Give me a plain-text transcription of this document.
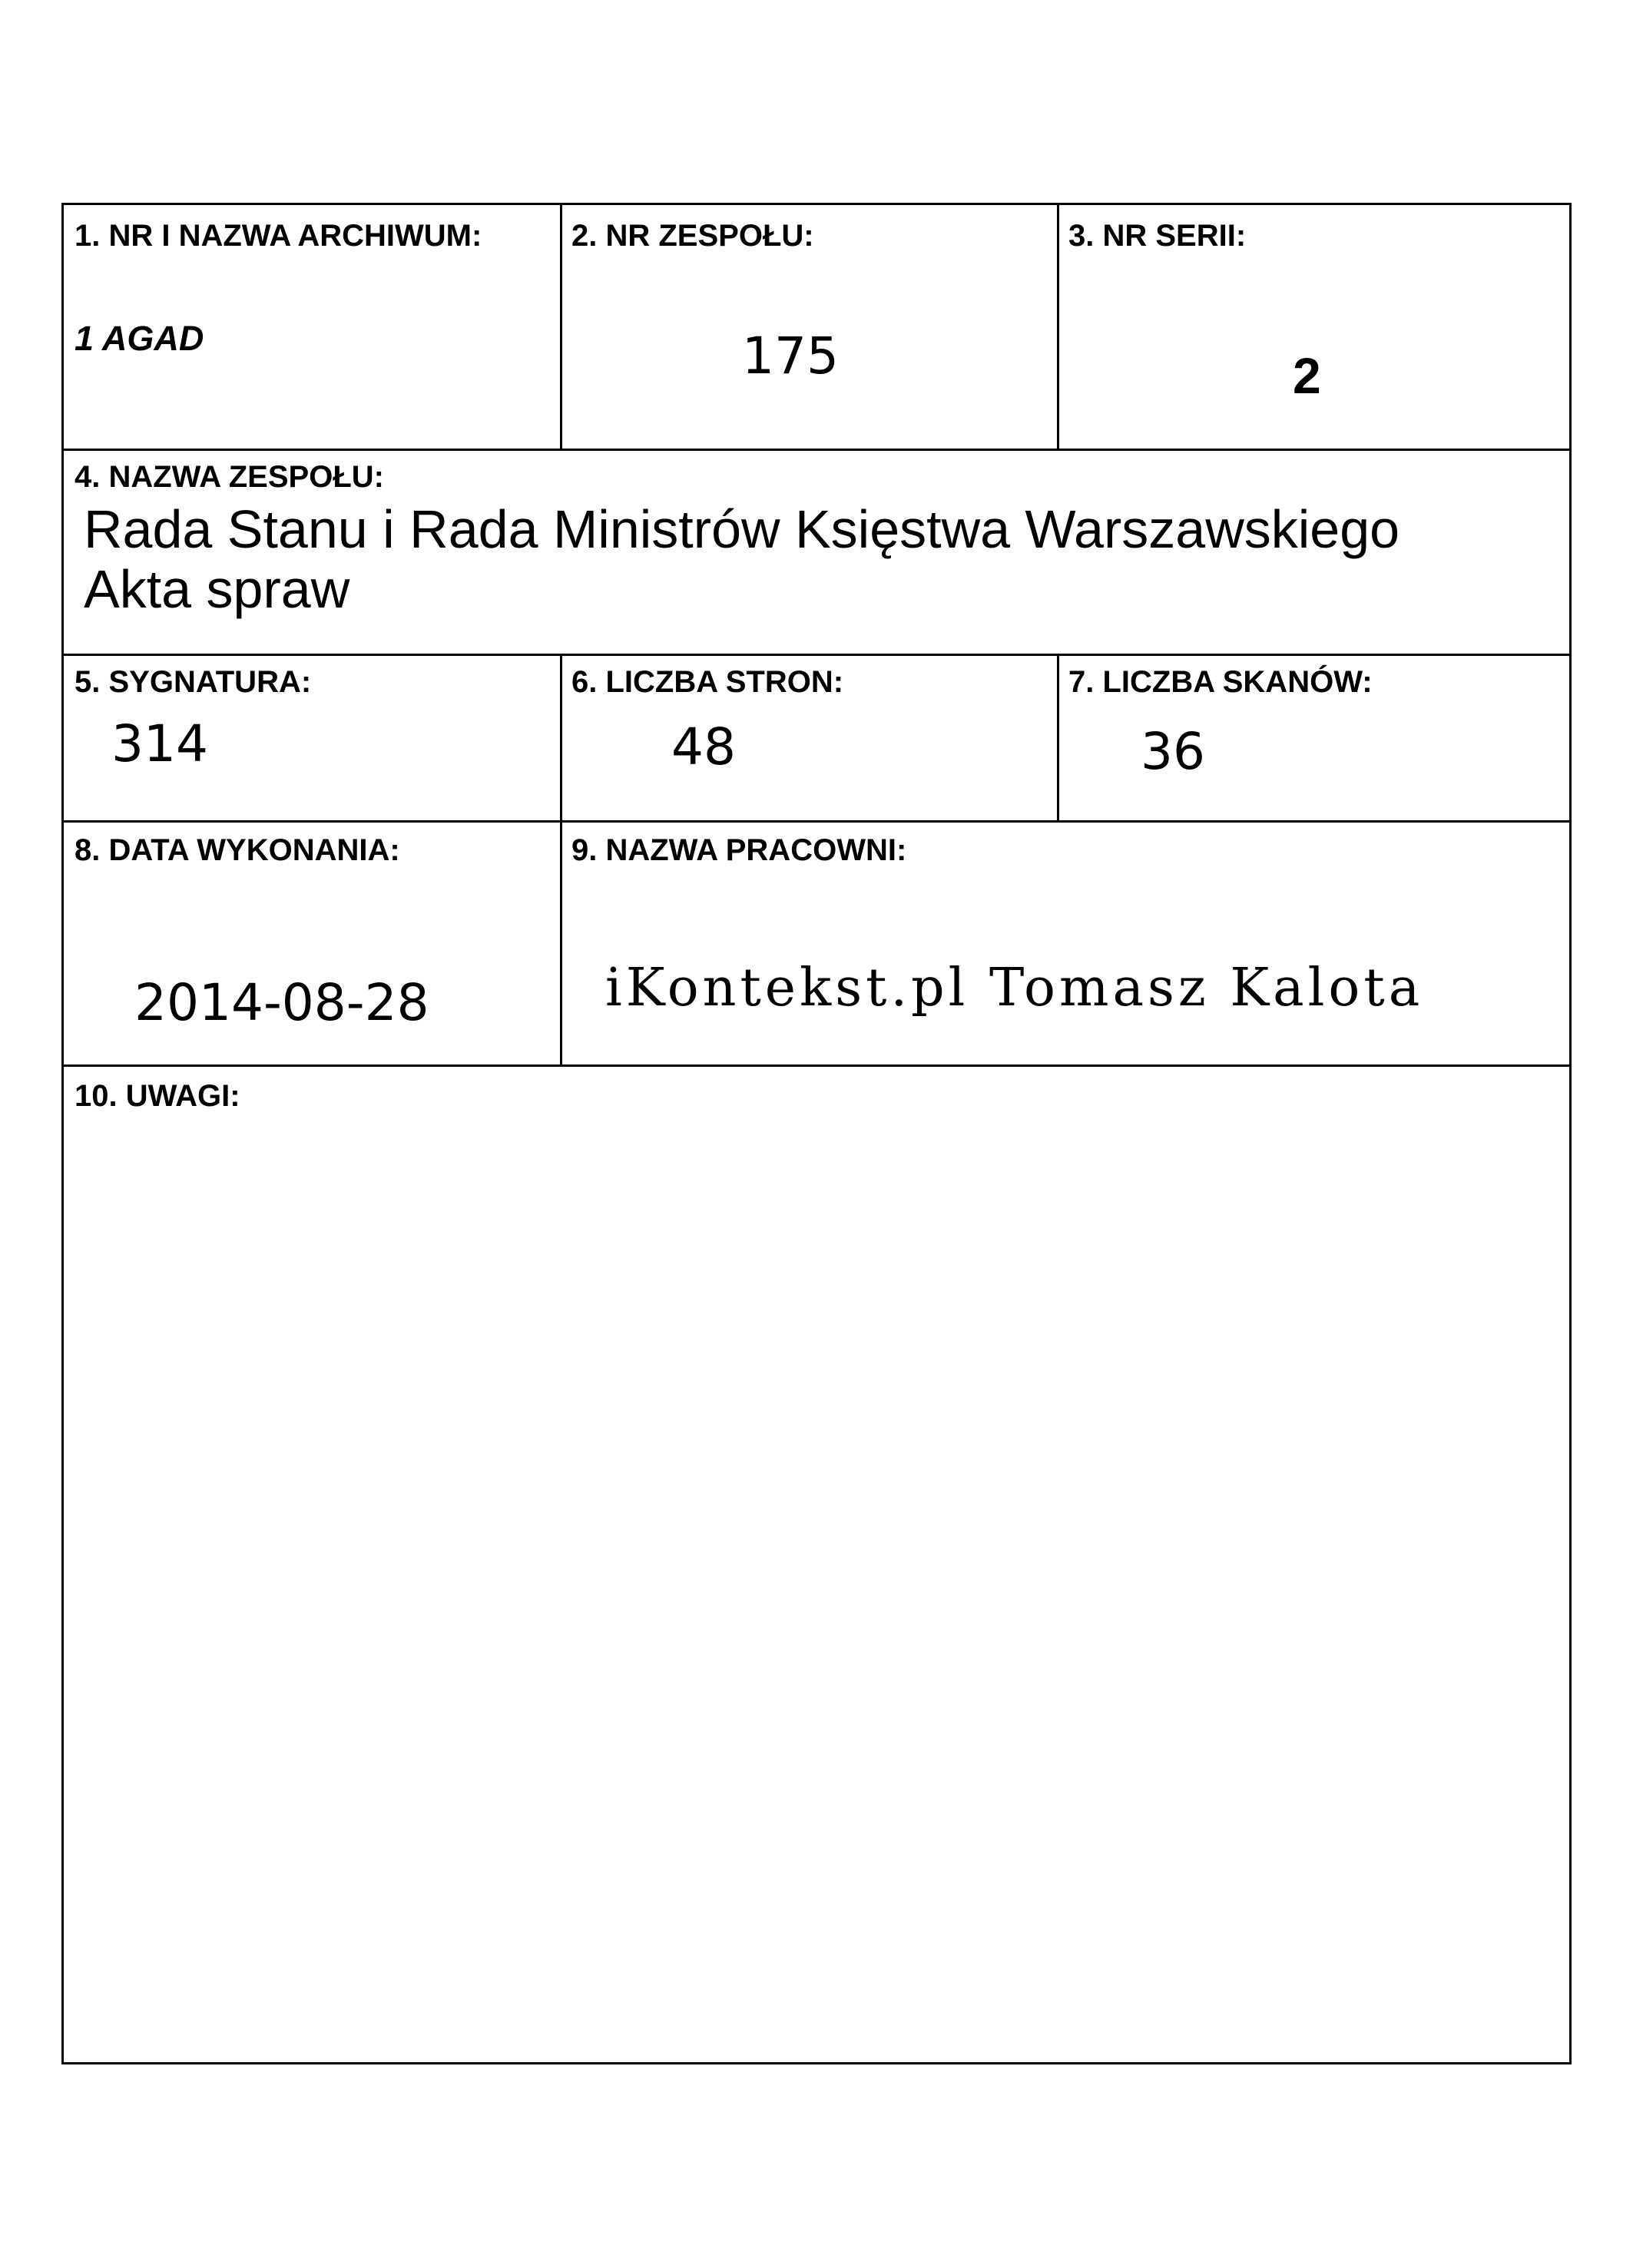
1. NR I NAZWA ARCHIWUM:
1 AGAD
2. NR ZESPOŁU:
175
3. NR SERII:
2
4. NAZWA ZESPOŁU:
Rada Stanu i Rada Ministrów Księstwa Warszawskiego
Akta spraw
5. SYGNATURA:
314
6. LICZBA STRON:
48
7. LICZBA SKANÓW:
36
8. DATA WYKONANIA:
2014-08-28
9. NAZWA PRACOWNI:
iKontekst.pl Tomasz Kalota
10. UWAGI:
